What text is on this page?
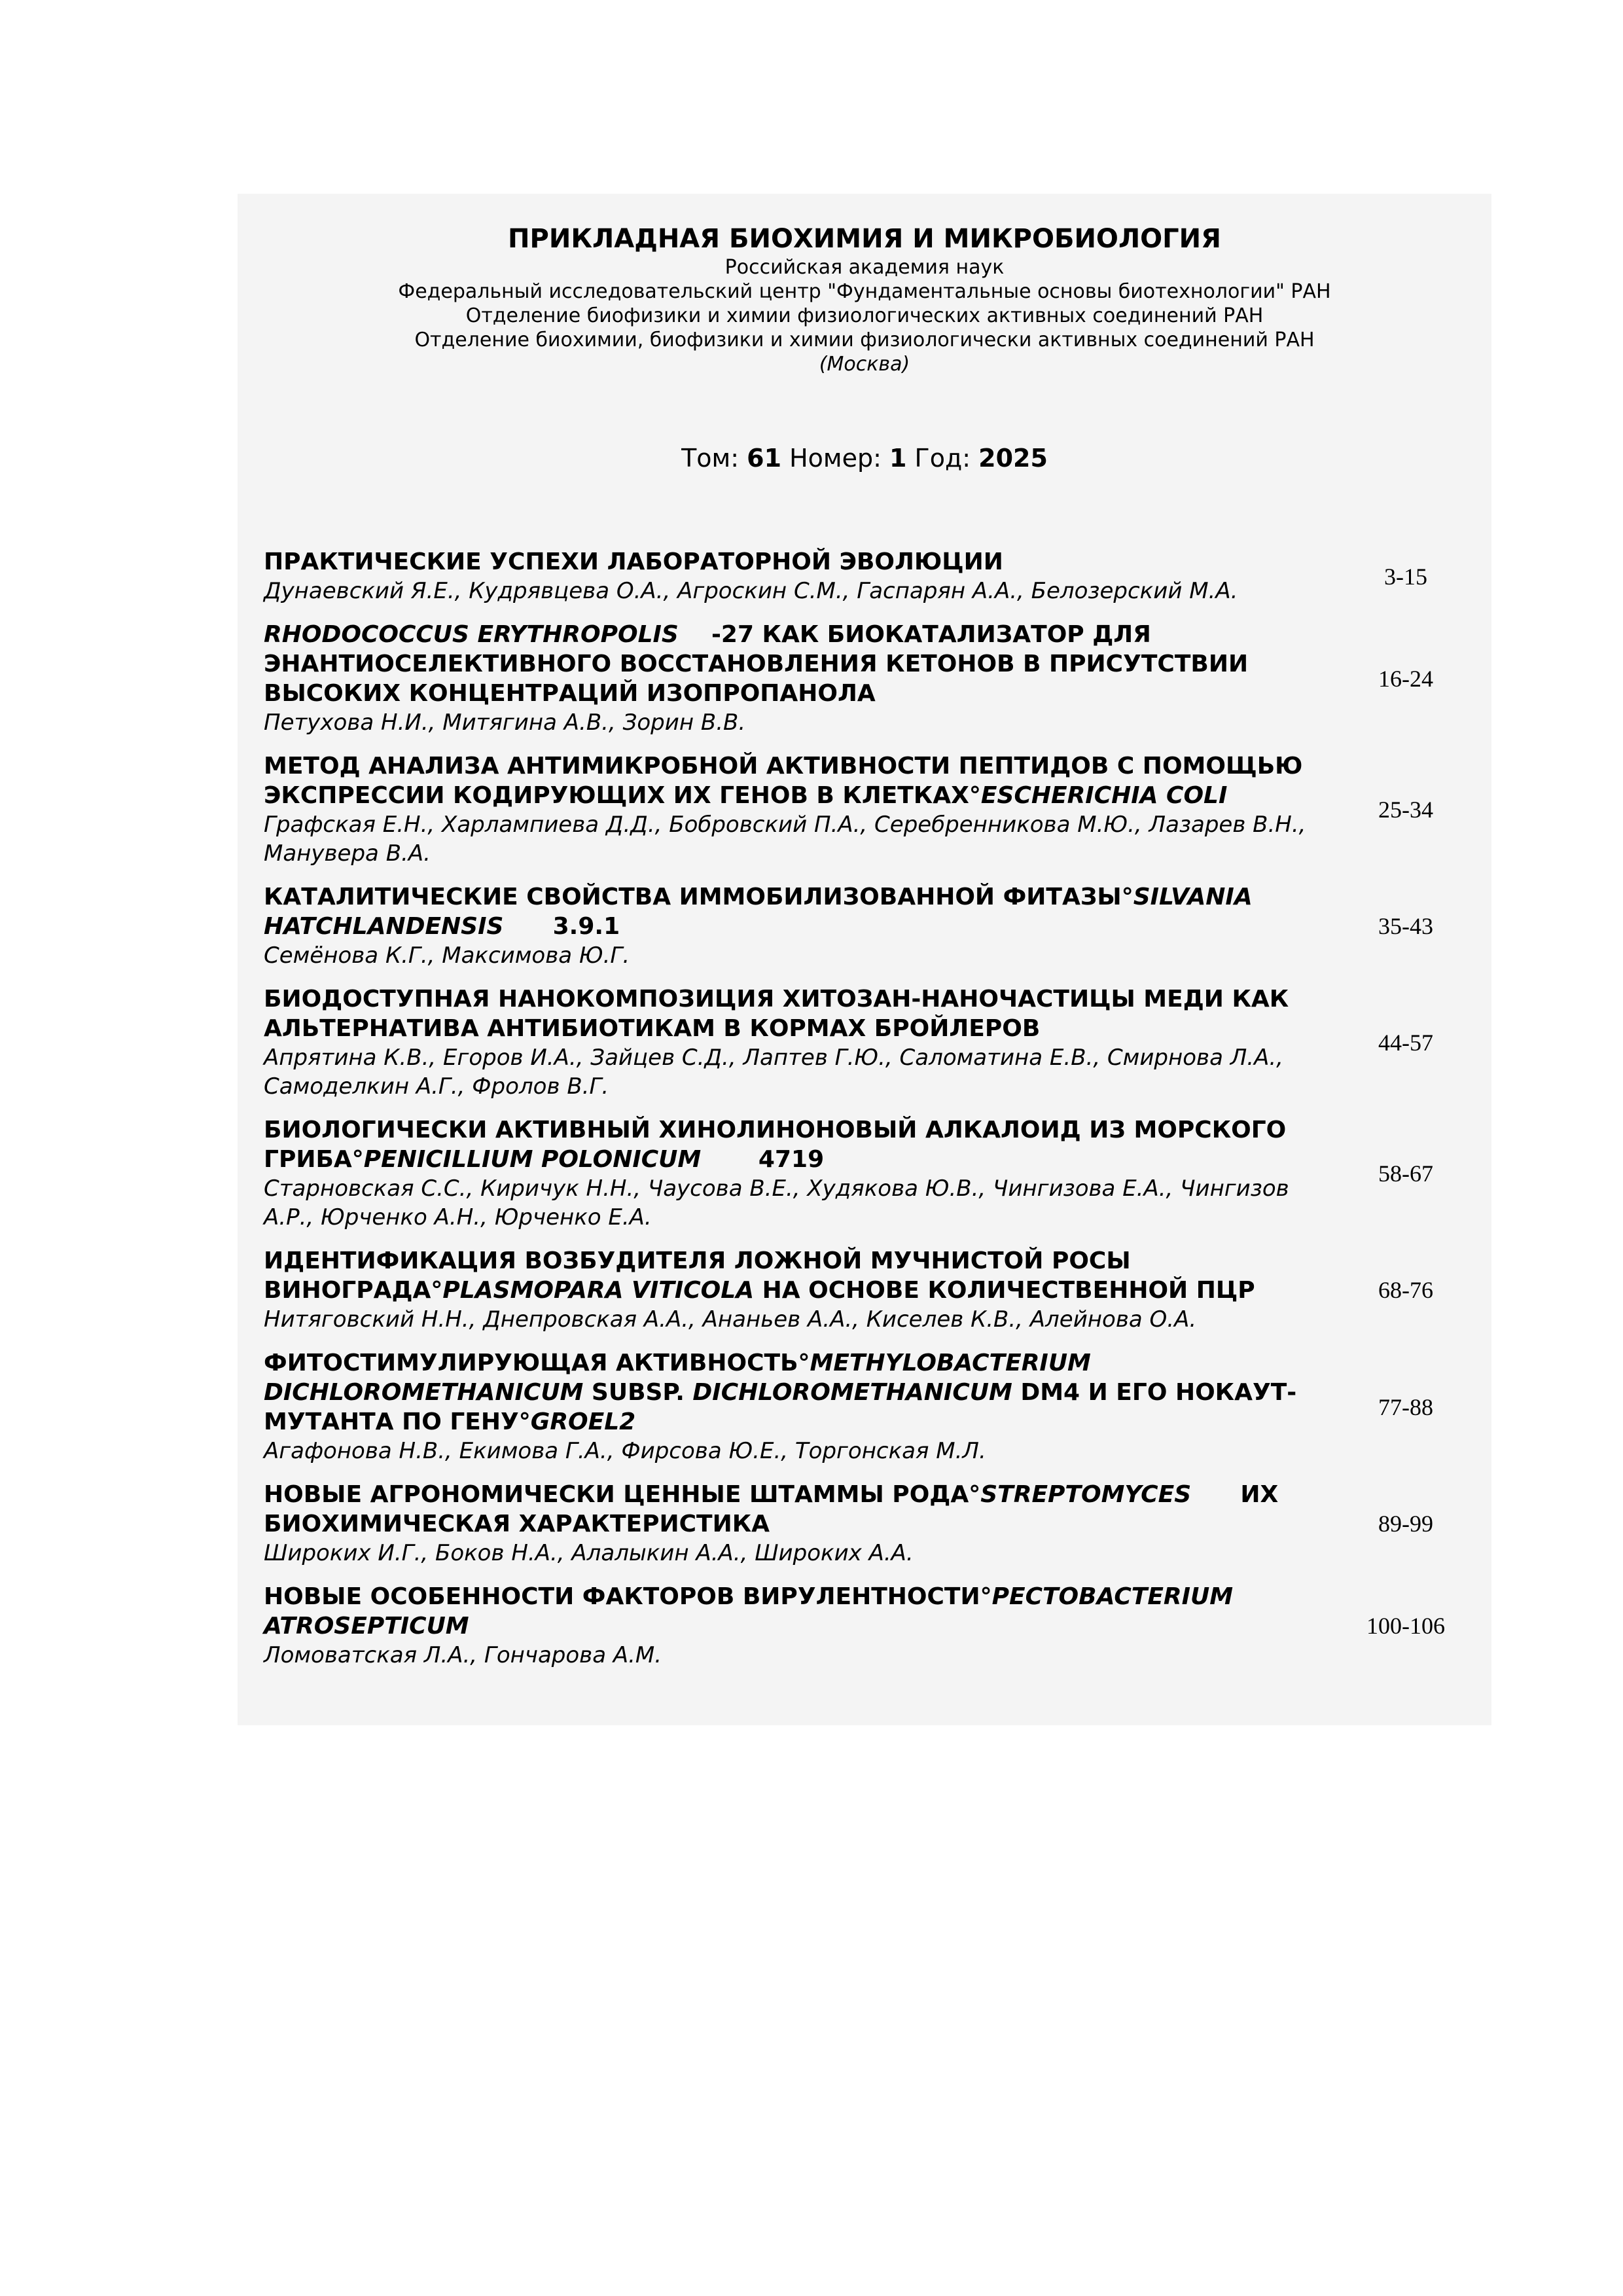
ПРИКЛАДНАЯ БИОХИМИЯ И МИКРОБИОЛОГИЯ

Российская академия наук

Федеральный исследовательский центр "Фундаментальные основы биотехнологии" РАН

Отделение биофизики и химии физиологических активных соединений РАН

Отделение биохимии, биофизики и химии физиологически активных соединений РАН

(Москва)

Том: 61 Номер: 1 Год: 2025
ПРАКТИЧЕСКИЕ УСПЕХИ ЛАБОРАТОРНОЙ ЭВОЛЮЦИИ
Дунаевский Я.Е., Кудрявцева О.А., Агроскин С.М., Гаспарян А.А., Белозерский М.А.
3-15
RHODOCOCCUS ERYTHROPOLIS    -27 КАК БИОКАТАЛИЗАТОР ДЛЯ ЭНАНТИОСЕЛЕКТИВНОГО ВОССТАНОВЛЕНИЯ КЕТОНОВ В ПРИСУТСТВИИ ВЫСОКИХ КОНЦЕНТРАЦИЙ ИЗОПРОПАНОЛА
Петухова Н.И., Митягина А.В., Зорин В.В.
16-24
МЕТОД АНАЛИЗА АНТИМИКРОБНОЙ АКТИВНОСТИ ПЕПТИДОВ С ПОМОЩЬЮ ЭКСПРЕССИИ КОДИРУЮЩИХ ИХ ГЕНОВ В КЛЕТКАХ°ESCHERICHIA COLI
Графская Е.Н., Харлампиева Д.Д., Бобровский П.А., Серебренникова М.Ю., Лазарев В.Н., Манувера В.А.
25-34
КАТАЛИТИЧЕСКИЕ СВОЙСТВА ИММОБИЛИЗОВАННОЙ ФИТАЗЫ°SILVANIA HATCHLANDENSIS      3.9.1
Семёнова К.Г., Максимова Ю.Г.
35-43
БИОДОСТУПНАЯ НАНОКОМПОЗИЦИЯ ХИТОЗАН-НАНОЧАСТИЦЫ МЕДИ КАК АЛЬТЕРНАТИВА АНТИБИОТИКАМ В КОРМАХ БРОЙЛЕРОВ
Апрятина К.В., Егоров И.А., Зайцев С.Д., Лаптев Г.Ю., Саломатина Е.В., Смирнова Л.А., Самоделкин А.Г., Фролов В.Г.
44-57
БИОЛОГИЧЕСКИ АКТИВНЫЙ ХИНОЛИНОНОВЫЙ АЛКАЛОИД ИЗ МОРСКОГО ГРИБА°PENICILLIUM POLONICUM       4719
Старновская С.С., Киричук Н.Н., Чаусова В.Е., Худякова Ю.В., Чингизова Е.А., Чингизов А.Р., Юрченко А.Н., Юрченко Е.А.
58-67
ИДЕНТИФИКАЦИЯ ВОЗБУДИТЕЛЯ ЛОЖНОЙ МУЧНИСТОЙ РОСЫ ВИНОГРАДА°PLASMOPARA VITICOLA НА ОСНОВЕ КОЛИЧЕСТВЕННОЙ ПЦР
Нитяговский Н.Н., Днепровская А.А., Ананьев А.А., Киселев К.В., Алейнова О.А.
68-76
ФИТОСТИМУЛИРУЮЩАЯ АКТИВНОСТЬ°METHYLOBACTERIUM DICHLOROMETHANICUM SUBSP. DICHLOROMETHANICUM DM4 И ЕГО НОКАУТ-МУТАНТА ПО ГЕНУ°GROEL2
Агафонова Н.В., Екимова Г.А., Фирсова Ю.Е., Торгонская М.Л.
77-88
НОВЫЕ АГРОНОМИЧЕСКИ ЦЕННЫЕ ШТАММЫ РОДА°STREPTOMYCES      ИХ БИОХИМИЧЕСКАЯ ХАРАКТЕРИСТИКА
Широких И.Г., Боков Н.А., Алалыкин А.А., Широких А.А.
89-99
НОВЫЕ ОСОБЕННОСТИ ФАКТОРОВ ВИРУЛЕНТНОСТИ°PECTOBACTERIUM ATROSEPTICUM
Ломоватская Л.А., Гончарова А.М.
100-106
